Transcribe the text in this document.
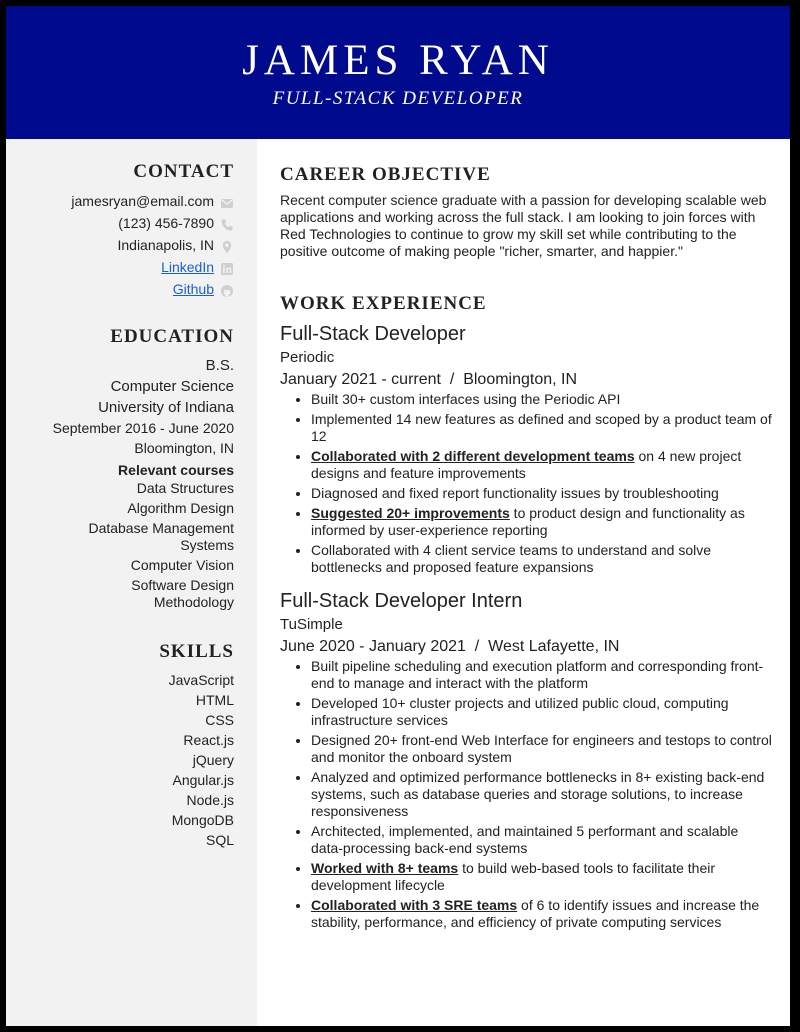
JAMES RYAN
FULL-STACK DEVELOPER
CONTACT
jamesryan@email.com
(123) 456-7890
Indianapolis, IN
LinkedIn
Github
EDUCATION
B.S.
Computer Science
University of Indiana
September 2016 - June 2020
Bloomington, IN
Relevant courses
Data Structures
Algorithm Design
Database Management Systems
Computer Vision
Software Design Methodology
SKILLS
JavaScript
HTML
CSS
React.js
jQuery
Angular.js
Node.js
MongoDB
SQL
CAREER OBJECTIVE

Recent computer science graduate with a passion for developing scalable web applications and working across the full stack. I am looking to join forces with Red Technologies to continue to grow my skill set while contributing to the positive outcome of making people "richer, smarter, and happier."

WORK EXPERIENCE
Full-Stack Developer
Periodic
January 2021 - current  /  Bloomington, IN
• Built 30+ custom interfaces using the Periodic API
• Implemented 14 new features as defined and scoped by a product team of 12
• Collaborated with 2 different development teams on 4 new project designs and feature improvements
• Diagnosed and fixed report functionality issues by troubleshooting
• Suggested 20+ improvements to product design and functionality as informed by user-experience reporting
• Collaborated with 4 client service teams to understand and solve bottlenecks and proposed feature expansions
Full-Stack Developer Intern
TuSimple
June 2020 - January 2021  /  West Lafayette, IN
• Built pipeline scheduling and execution platform and corresponding front-end to manage and interact with the platform
• Developed 10+ cluster projects and utilized public cloud, computing infrastructure services
• Designed 20+ front-end Web Interface for engineers and testops to control and monitor the onboard system
• Analyzed and optimized performance bottlenecks in 8+ existing back-end systems, such as database queries and storage solutions, to increase responsiveness
• Architected, implemented, and maintained 5 performant and scalable data-processing back-end systems
• Worked with 8+ teams to build web-based tools to facilitate their development lifecycle
• Collaborated with 3 SRE teams of 6 to identify issues and increase the stability, performance, and efficiency of private computing services
